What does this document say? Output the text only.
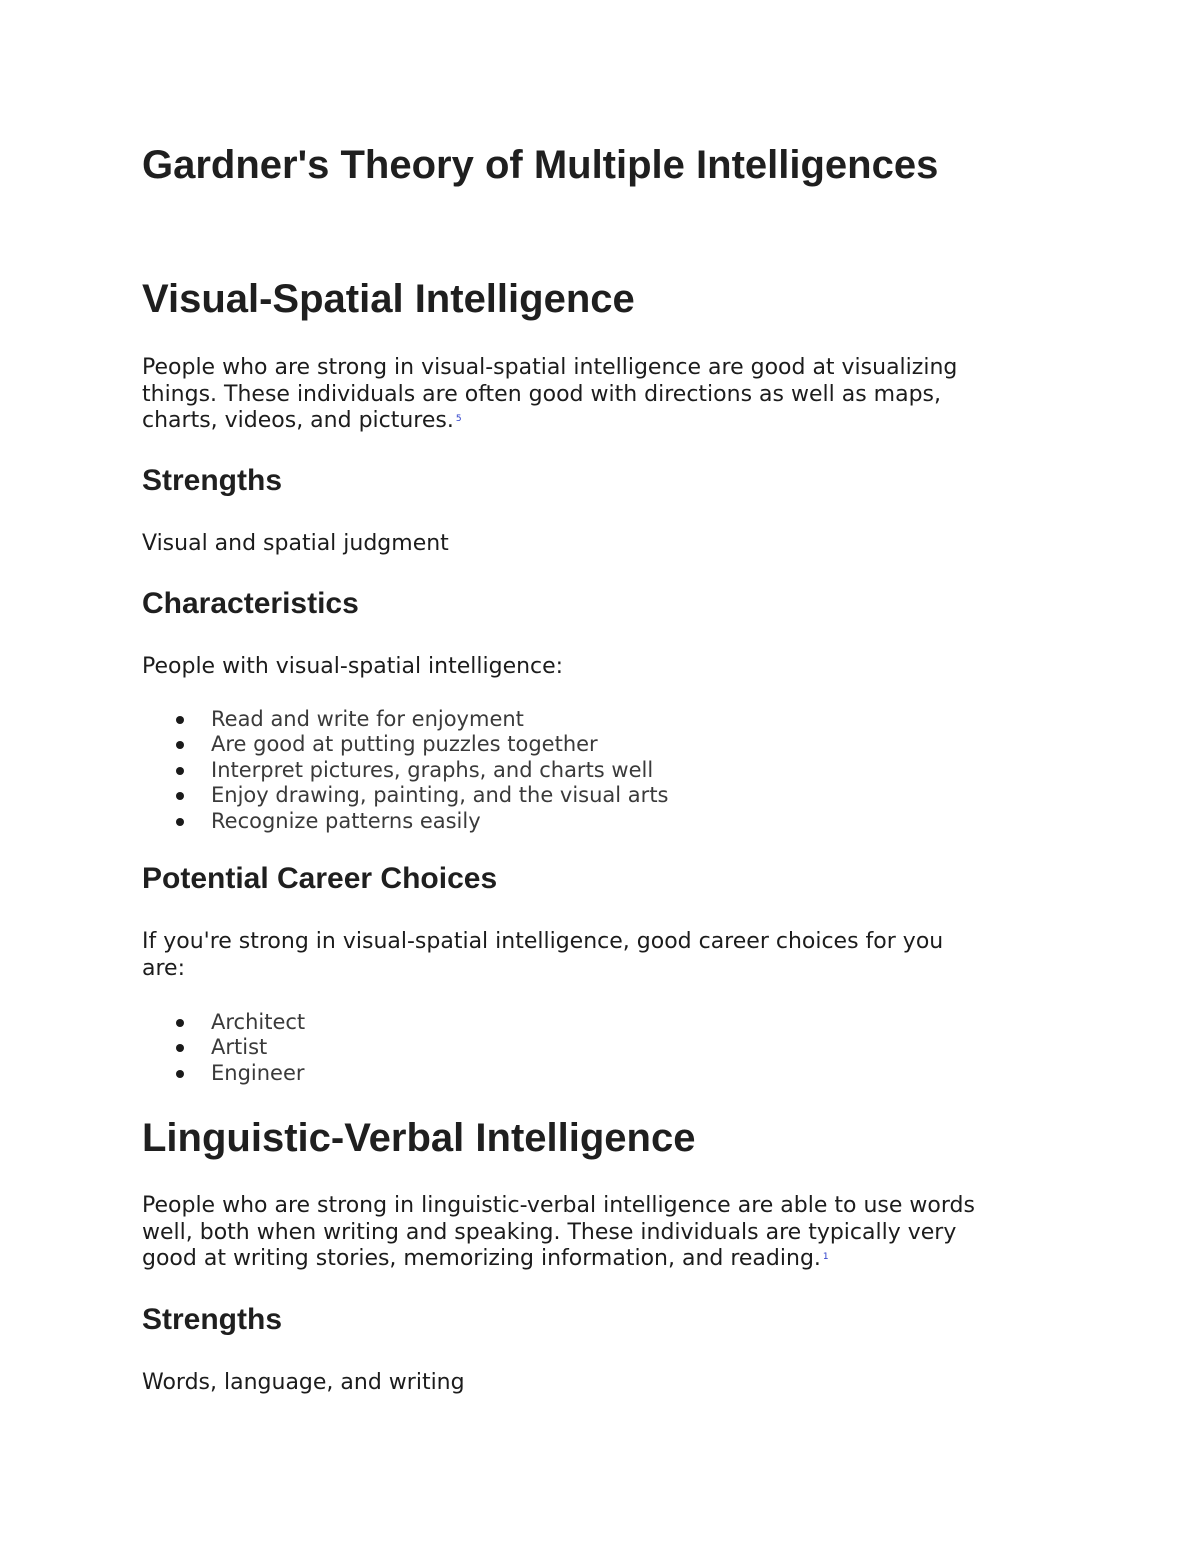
Gardner's Theory of Multiple Intelligences
Visual-Spatial Intelligence
People who are strong in visual-spatial intelligence are good at visualizing
things. These individuals are often good with directions as well as maps,
charts, videos, and pictures. $^5$
Strengths
Visual and spatial judgment
Characteristics
People with visual-spatial intelligence:
Read and write for enjoyment
Are good at putting puzzles together
Interpret pictures, graphs, and charts well
Enjoy drawing, painting, and the visual arts
Recognize patterns easily
Potential Career Choices
If you're strong in visual-spatial intelligence, good career choices for you
are:
Architect
Artist
Engineer
Linguistic-Verbal Intelligence
People who are strong in linguistic-verbal intelligence are able to use words
well, both when writing and speaking. These individuals are typically very
good at writing stories, memorizing information, and reading. $^1$
Strengths
Words, language, and writing
